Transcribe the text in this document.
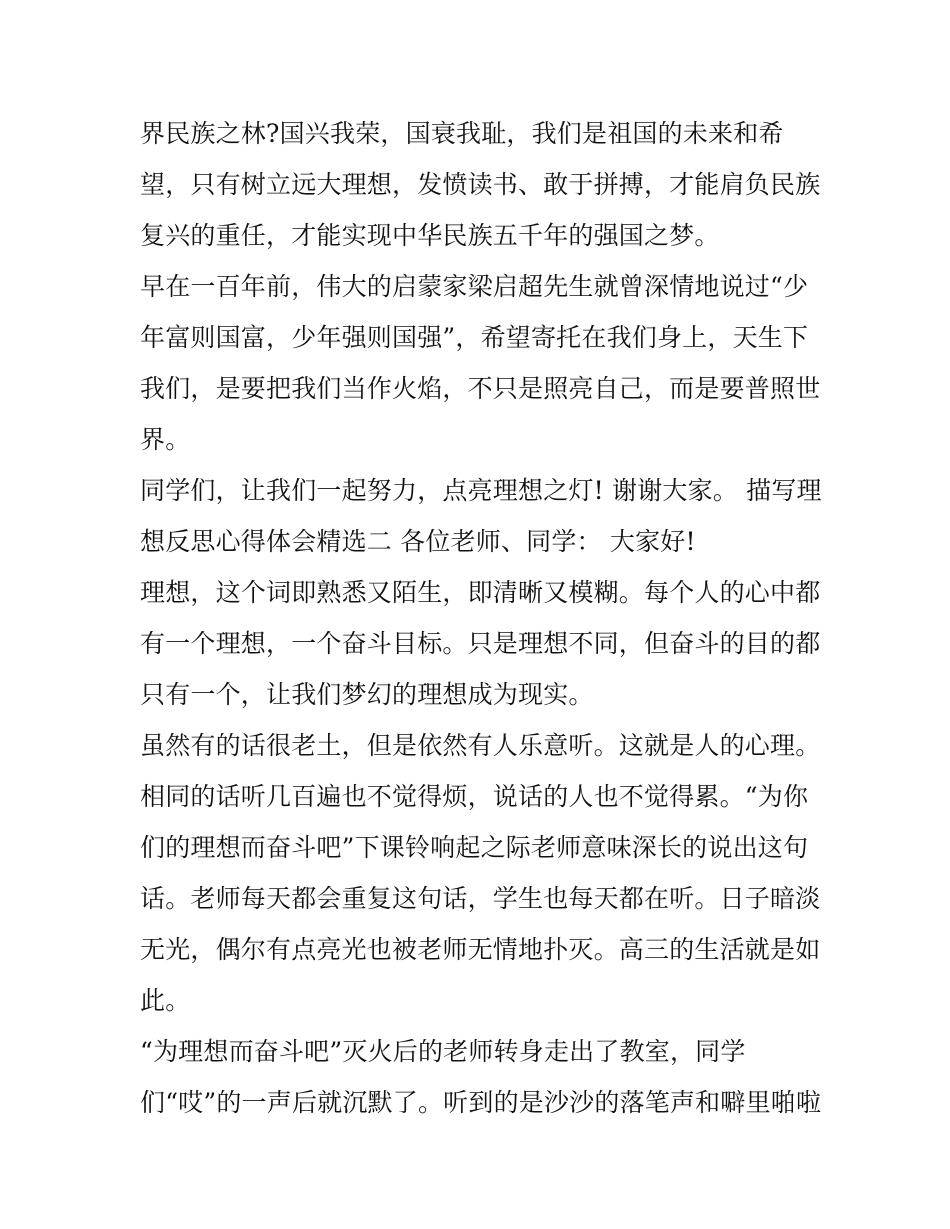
界民族之林?国兴我荣，国衰我耻，我们是祖国的未来和希
望，只有树立远大理想，发愤读书、敢于拼搏，才能肩负民族
复兴的重任，才能实现中华民族五千年的强国之梦。
早在一百年前，伟大的启蒙家梁启超先生就曾深情地说过“少
年富则国富，少年强则国强”，希望寄托在我们身上，天生下
我们，是要把我们当作火焰，不只是照亮自己，而是要普照世
界。
同学们，让我们一起努力，点亮理想之灯! 谢谢大家。 描写理
想反思心得体会精选二 各位老师、同学： 大家好!
理想，这个词即熟悉又陌生，即清晰又模糊。每个人的心中都
有一个理想，一个奋斗目标。只是理想不同，但奋斗的目的都
只有一个，让我们梦幻的理想成为现实。
虽然有的话很老土，但是依然有人乐意听。这就是人的心理。
相同的话听几百遍也不觉得烦，说话的人也不觉得累。“为你
们的理想而奋斗吧”下课铃响起之际老师意味深长的说出这句
话。老师每天都会重复这句话，学生也每天都在听。日子暗淡
无光，偶尔有点亮光也被老师无情地扑灭。高三的生活就是如
此。
“为理想而奋斗吧”灭火后的老师转身走出了教室，同学
们“哎”的一声后就沉默了。听到的是沙沙的落笔声和噼里啪啦
